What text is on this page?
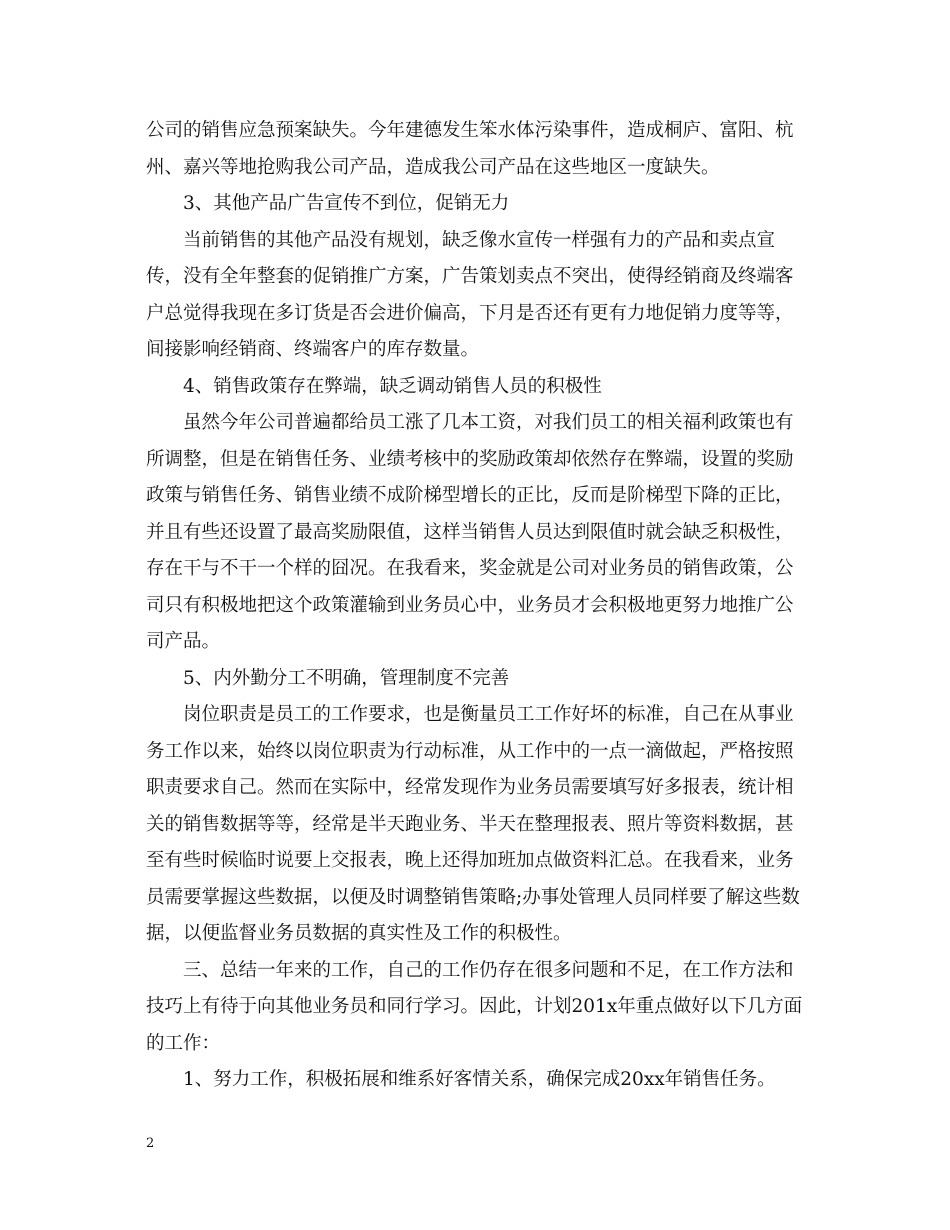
公司的销售应急预案缺失。今年建德发生笨水体污染事件，造成桐庐、富阳、杭州、嘉兴等地抢购我公司产品，造成我公司产品在这些地区一度缺失。

3、其他产品广告宣传不到位，促销无力

当前销售的其他产品没有规划，缺乏像水宣传一样强有力的产品和卖点宣传，没有全年整套的促销推广方案，广告策划卖点不突出，使得经销商及终端客户总觉得我现在多订货是否会进价偏高，下月是否还有更有力地促销力度等等，间接影响经销商、终端客户的库存数量。

4、销售政策存在弊端，缺乏调动销售人员的积极性

虽然今年公司普遍都给员工涨了几本工资，对我们员工的相关福利政策也有所调整，但是在销售任务、业绩考核中的奖励政策却依然存在弊端，设置的奖励政策与销售任务、销售业绩不成阶梯型增长的正比，反而是阶梯型下降的正比，并且有些还设置了最高奖励限值，这样当销售人员达到限值时就会缺乏积极性，存在干与不干一个样的囧况。在我看来，奖金就是公司对业务员的销售政策，公司只有积极地把这个政策灌输到业务员心中，业务员才会积极地更努力地推广公司产品。

5、内外勤分工不明确，管理制度不完善

岗位职责是员工的工作要求，也是衡量员工工作好坏的标准，自己在从事业务工作以来，始终以岗位职责为行动标准，从工作中的一点一滴做起，严格按照职责要求自己。然而在实际中，经常发现作为业务员需要填写好多报表，统计相关的销售数据等等，经常是半天跑业务、半天在整理报表、照片等资料数据，甚至有些时候临时说要上交报表，晚上还得加班加点做资料汇总。在我看来，业务员需要掌握这些数据，以便及时调整销售策略;办事处管理人员同样要了解这些数据，以便监督业务员数据的真实性及工作的积极性。

三、总结一年来的工作，自己的工作仍存在很多问题和不足，在工作方法和技巧上有待于向其他业务员和同行学习。因此，计划201x年重点做好以下几方面的工作：

1、努力工作，积极拓展和维系好客情关系，确保完成20xx年销售任务。

2
